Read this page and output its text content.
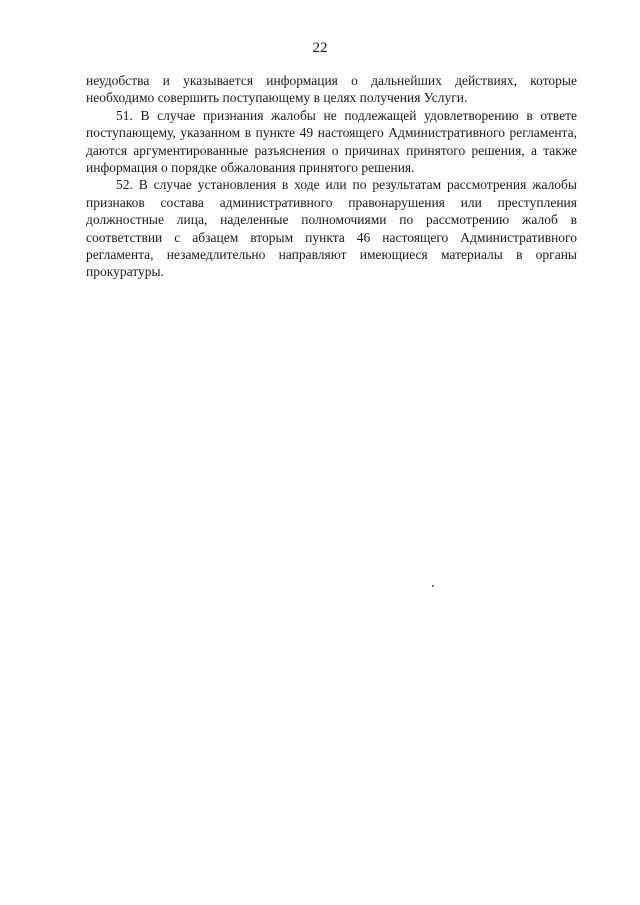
22

неудобства и указывается информация о дальнейших действиях, которые необходимо совершить поступающему в целях получения Услуги.

51. В случае признания жалобы не подлежащей удовлетворению в ответе поступающему, указанном в пункте 49 настоящего Административного регламента, даются аргументированные разъяснения о причинах принятого решения, а также информация о порядке обжалования принятого решения.

52. В случае установления в ходе или по результатам рассмотрения жалобы признаков состава административного правонарушения или преступления должностные лица, наделенные полномочиями по рассмотрению жалоб в соответствии с абзацем вторым пункта 46 настоящего Административного регламента, незамедлительно направляют имеющиеся материалы в органы прокуратуры.
